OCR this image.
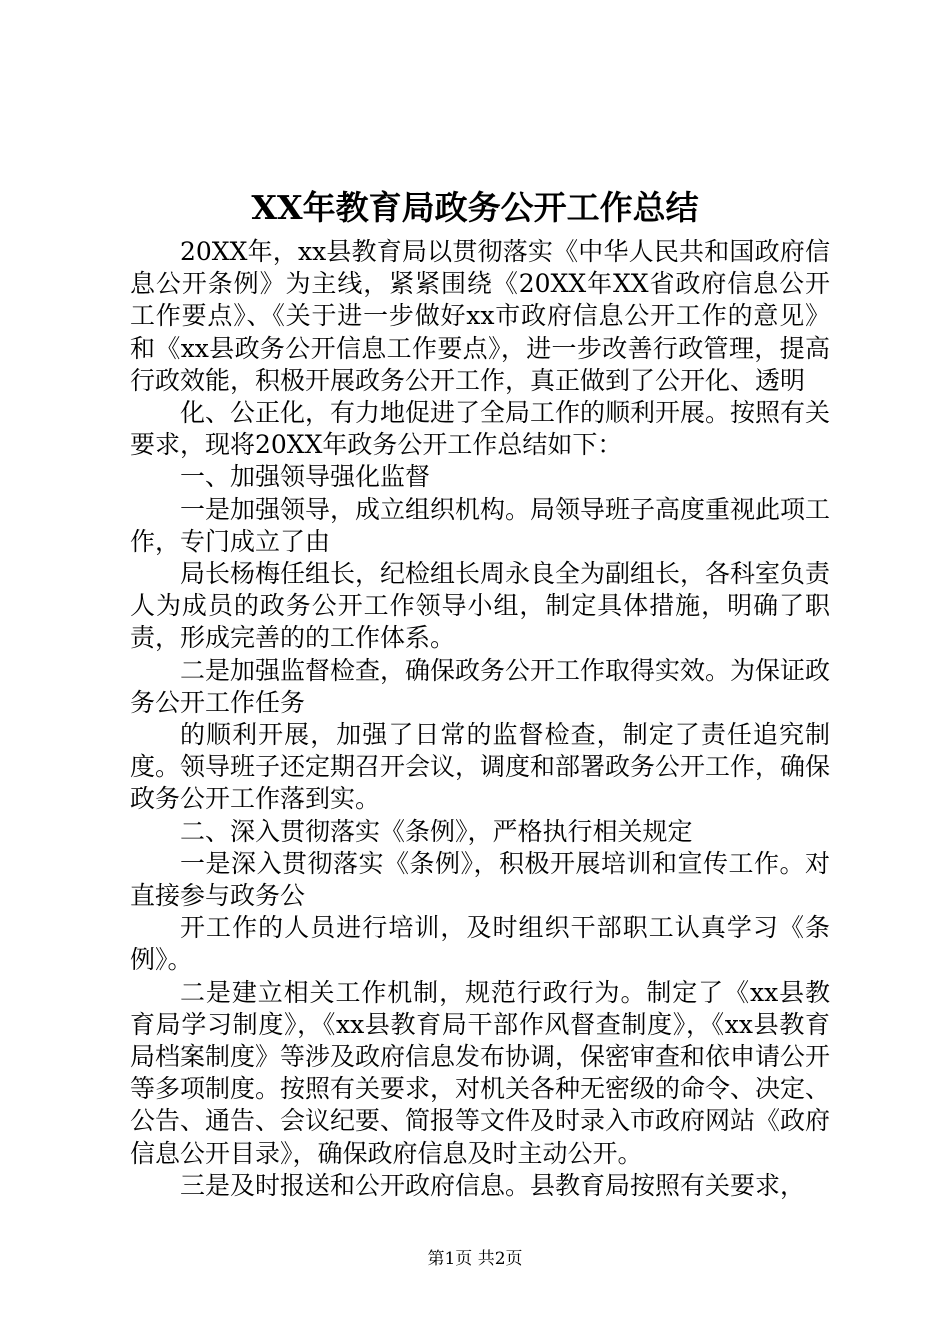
XX年教育局政务公开工作总结

20XX年，xx县教育局以贯彻落实《中华人民共和国政府信息公开条例》为主线，紧紧围绕《20XX年XX省政府信息公开工作要点》、《关于进一步做好xx市政府信息公开工作的意见》和《xx县政务公开信息工作要点》，进一步改善行政管理，提高行政效能，积极开展政务公开工作，真正做到了公开化、透明

化、公正化，有力地促进了全局工作的顺利开展。按照有关要求，现将20XX年政务公开工作总结如下：

一、加强领导强化监督

一是加强领导，成立组织机构。局领导班子高度重视此项工作，专门成立了由

局长杨梅任组长，纪检组长周永良全为副组长，各科室负责人为成员的政务公开工作领导小组，制定具体措施，明确了职责，形成完善的的工作体系。

二是加强监督检查，确保政务公开工作取得实效。为保证政务公开工作任务

的顺利开展，加强了日常的监督检查，制定了责任追究制度。领导班子还定期召开会议，调度和部署政务公开工作，确保政务公开工作落到实。

二、深入贯彻落实《条例》，严格执行相关规定

一是深入贯彻落实《条例》，积极开展培训和宣传工作。对直接参与政务公

开工作的人员进行培训，及时组织干部职工认真学习《条例》。

二是建立相关工作机制，规范行政行为。制定了《xx县教育局学习制度》，《xx县教育局干部作风督查制度》，《xx县教育局档案制度》等涉及政府信息发布协调，保密审查和依申请公开等多项制度。按照有关要求，对机关各种无密级的命令、决定、公告、通告、会议纪要、简报等文件及时录入市政府网站《政府信息公开目录》，确保政府信息及时主动公开。

三是及时报送和公开政府信息。县教育局按照有关要求，

第1页 共2页
